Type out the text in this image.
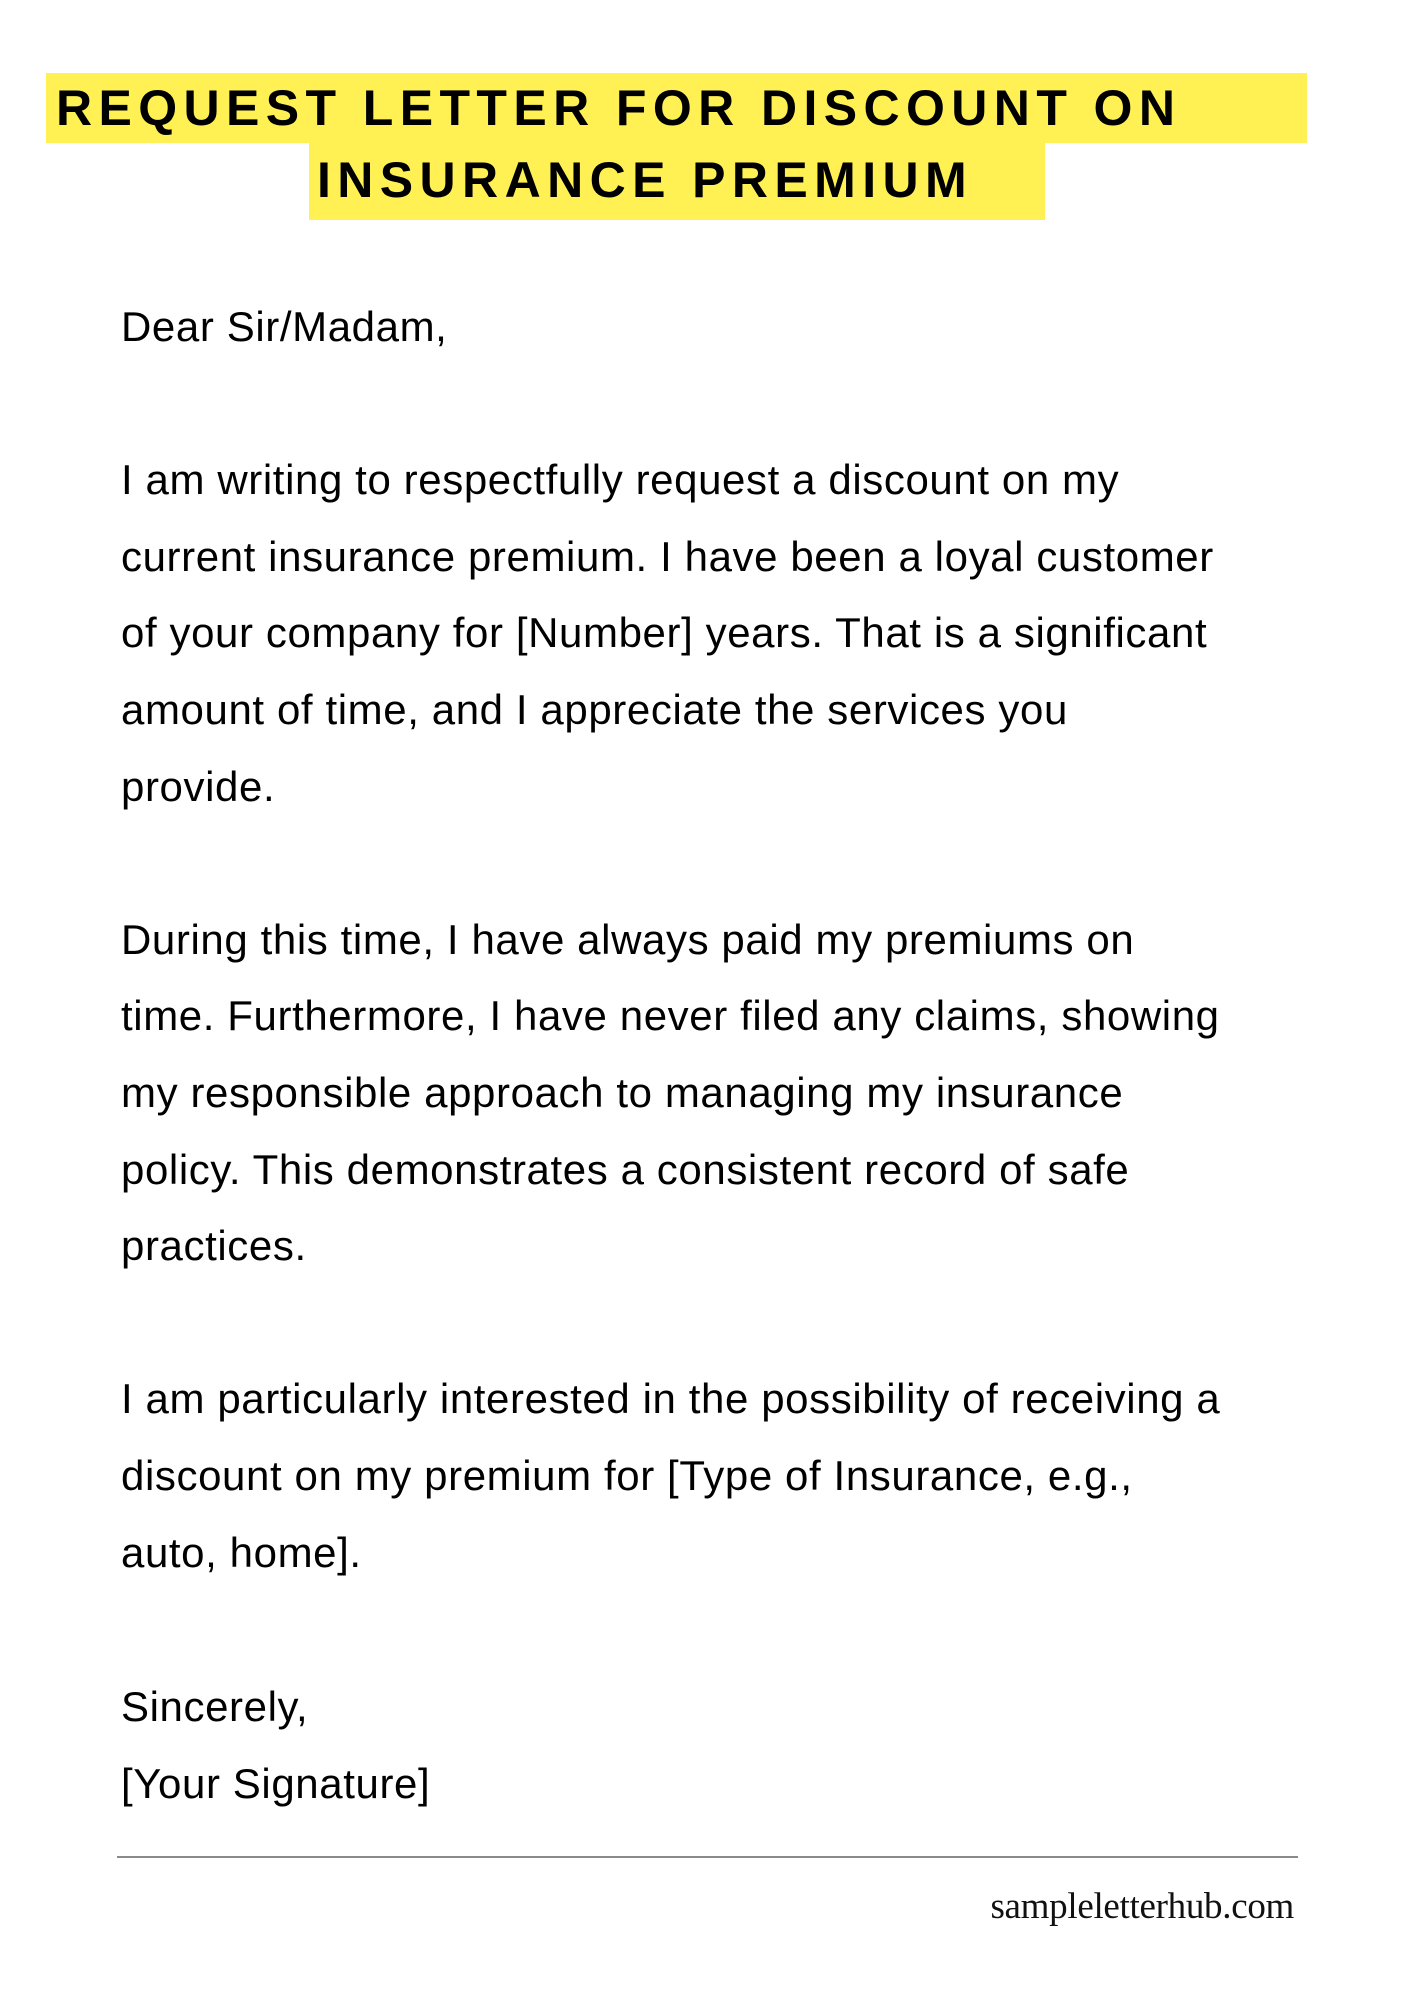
REQUEST LETTER FOR DISCOUNT ON
INSURANCE PREMIUM
Dear Sir/Madam,
I am writing to respectfully request a discount on my
current insurance premium. I have been a loyal customer
of your company for [Number] years. That is a significant
amount of time, and I appreciate the services you
provide.
During this time, I have always paid my premiums on
time. Furthermore, I have never filed any claims, showing
my responsible approach to managing my insurance
policy. This demonstrates a consistent record of safe
practices.
I am particularly interested in the possibility of receiving a
discount on my premium for [Type of Insurance, e.g.,
auto, home].
Sincerely,
[Your Signature]
sampleletterhub.com
